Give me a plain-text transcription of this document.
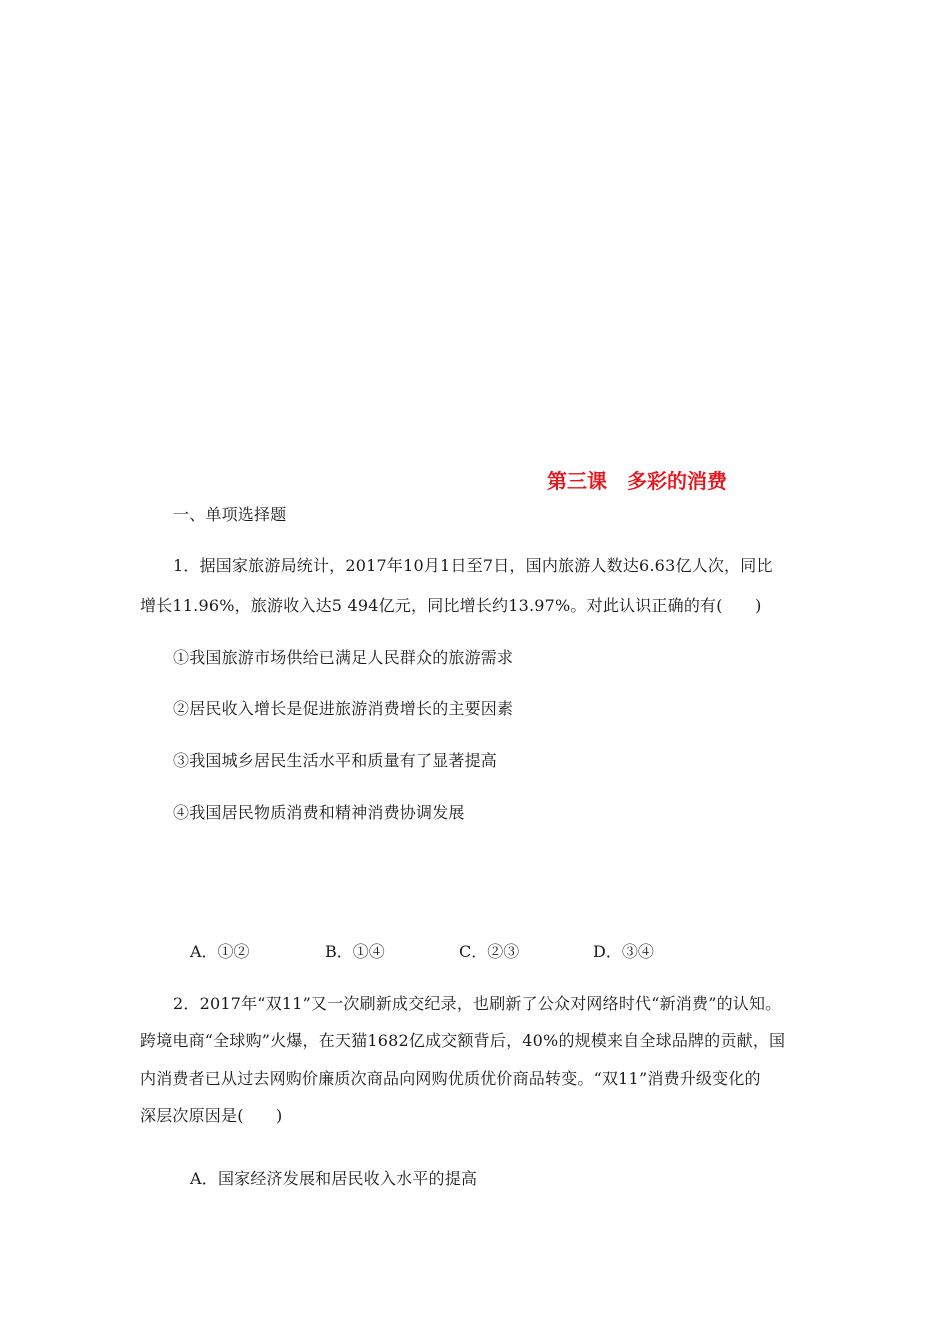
第三课　多彩的消费
一、单项选择题
1．据国家旅游局统计，2017年10月1日至7日，国内旅游人数达6.63亿人次，同比
增长11.96%，旅游收入达5 494亿元，同比增长约13.97%。对此认识正确的有(　　)
①我国旅游市场供给已满足人民群众的旅游需求
②居民收入增长是促进旅游消费增长的主要因素
③我国城乡居民生活水平和质量有了显著提高
④我国居民物质消费和精神消费协调发展
A．①②	B．①④	C．②③	D．③④
2．2017年“双11”又一次刷新成交纪录，也刷新了公众对网络时代“新消费”的认知。
跨境电商“全球购”火爆，在天猫1682亿成交额背后，40%的规模来自全球品牌的贡献，国
内消费者已从过去网购价廉质次商品向网购优质优价商品转变。“双11”消费升级变化的
深层次原因是(　　)
A．国家经济发展和居民收入水平的提高
